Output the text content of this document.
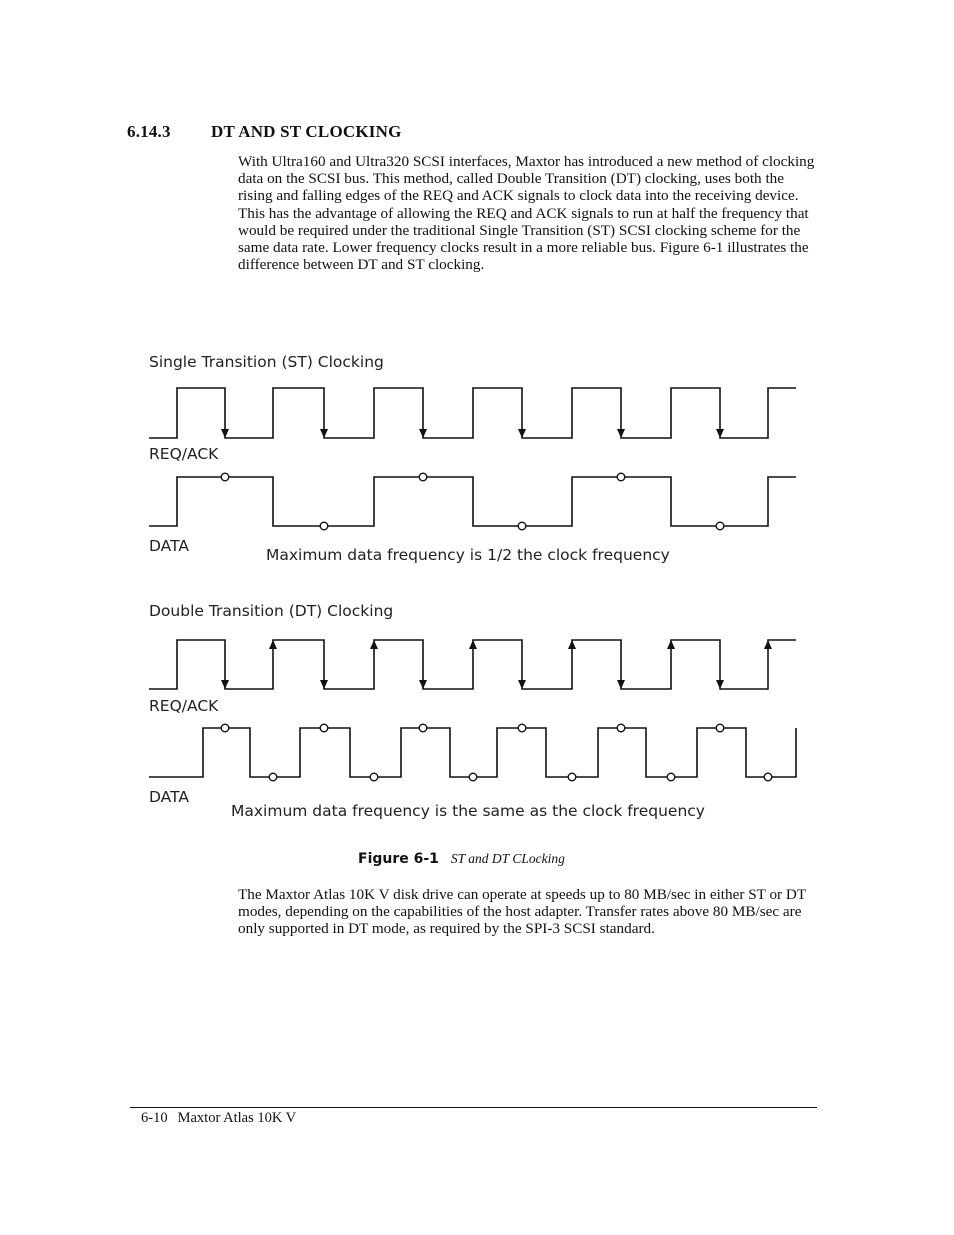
6.14.3 DT AND ST CLOCKING

With Ultra160 and Ultra320 SCSI interfaces, Maxtor has introduced a new method of clocking data on the SCSI bus. This method, called Double Transition (DT) clocking, uses both the rising and falling edges of the REQ and ACK signals to clock data into the receiving device. This has the advantage of allowing the REQ and ACK signals to run at half the frequency that would be required under the traditional Single Transition (ST) SCSI clocking scheme for the same data rate. Lower frequency clocks result in a more reliable bus. Figure 6-1 illustrates the difference between DT and ST clocking.

Single Transition (ST) Clocking
REQ/ACK
DATA	Maximum data frequency is 1/2 the clock frequency
Double Transition (DT) Clocking
REQ/ACK
DATA
Maximum data frequency is the same as the clock frequency
Figure 6-1 ST and DT CLocking

The Maxtor Atlas 10K V disk drive can operate at speeds up to 80 MB/sec in either ST or DT modes, depending on the capabilities of the host adapter. Transfer rates above 80 MB/sec are only supported in DT mode, as required by the SPI-3 SCSI standard.

6-10 Maxtor Atlas 10K V
